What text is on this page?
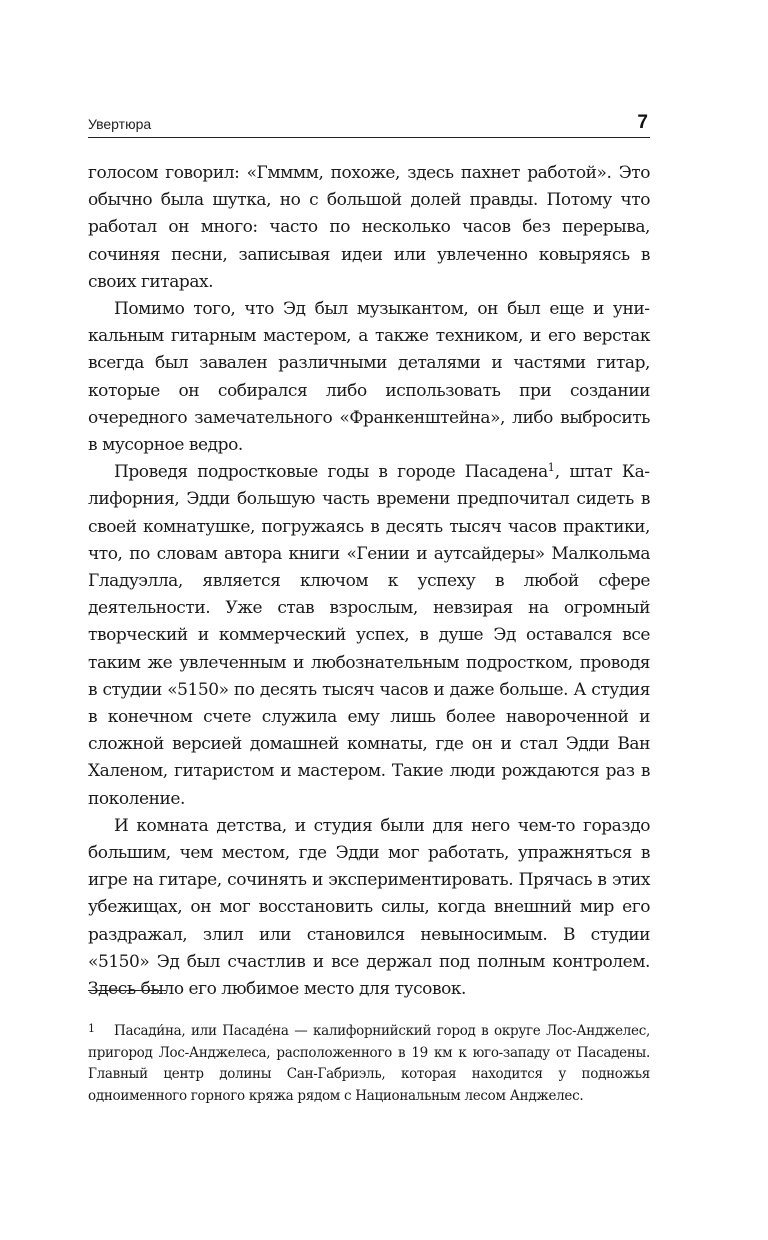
Увертюра	7

голосом говорил: «Гмммм, похоже, здесь пахнет работой». Это обычно была шутка, но с большой долей правды. Потому что работал он много: часто по несколько часов без перерыва, сочиняя песни, записывая идеи или увлеченно ковыряясь в своих гитарах.

Помимо того, что Эд был музыкантом, он был еще и уникальным гитарным мастером, а также техником, и его верстак всегда был завален различными деталями и частями гитар, которые он собирался либо использовать при создании очередного замечательного «Франкенштейна», либо выбросить в мусорное ведро.

Проведя подростковые годы в городе Пасадена$^1$, штат Калифорния, Эдди большую часть времени предпочитал сидеть в своей комнатушке, погружаясь в десять тысяч часов практики, что, по словам автора книги «Гении и аутсайдеры» Малкольма Гладуэлла, является ключом к успеху в любой сфере деятельности. Уже став взрослым, невзирая на огромный творческий и коммерческий успех, в душе Эд оставался все таким же увлеченным и любознательным подростком, проводя в студии «5150» по десять тысяч часов и даже больше. А студия в конечном счете служила ему лишь более навороченной и сложной версией домашней комнаты, где он и стал Эдди Ван Халеном, гитаристом и мастером. Такие люди рождаются раз в поколение.

И комната детства, и студия были для него чем-то гораздо большим, чем местом, где Эдди мог работать, упражняться в игре на гитаре, сочинять и экспериментировать. Прячась в этих убежищах, он мог восстановить силы, когда внешний мир его раздражал, злил или становился невыносимым. В студии «5150» Эд был счастлив и все держал под полным контролем. Здесь было его любимое место для тусовок.

1 Пасади́на, или Пасаде́на — калифорнийский город в округе Лос-Анджелес, пригород Лос-Анджелеса, расположенного в 19 км к юго-западу от Пасадены. Главный центр долины Сан-Габриэль, которая находится у подножья одноименного горного кряжа рядом с Национальным лесом Анджелес.
